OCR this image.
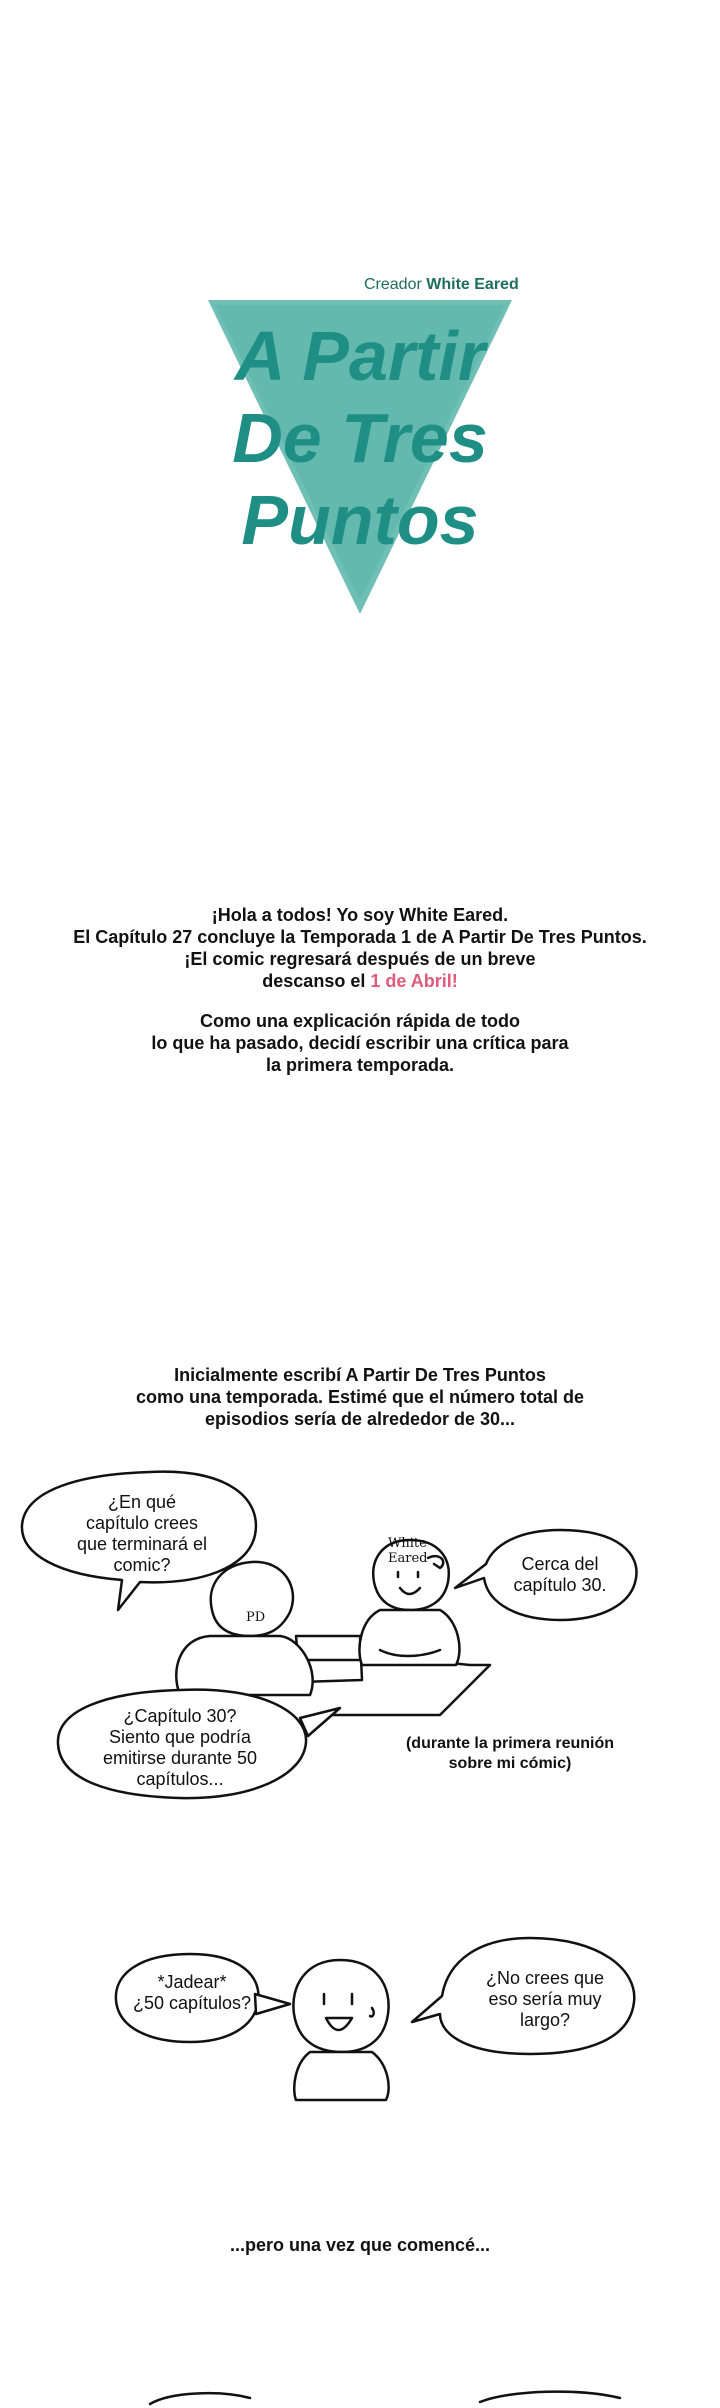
Creador White Eared
A Partir
De Tres
Puntos
¡Hola a todos! Yo soy White Eared.
El Capítulo 27 concluye la Temporada 1 de A Partir De Tres Puntos.
¡El comic regresará después de un breve
descanso el 1 de Abril!
Como una explicación rápida de todo
lo que ha pasado, decidí escribir una crítica para
la primera temporada.
Inicialmente escribí A Partir De Tres Puntos
como una temporada. Estimé que el número total de
episodios sería de alrededor de 30...
¿En qué
capítulo crees
que terminará el
comic?	Cerca del
capítulo 30.
PD
White
Eared
¿Capítulo 30?
Siento que podría
emitirse durante 50
capítulos...
(durante la primera reunión
sobre mi cómic)
*Jadear*
¿50 capítulos?
¿No crees que
eso sería muy
largo?
...pero una vez que comencé...
